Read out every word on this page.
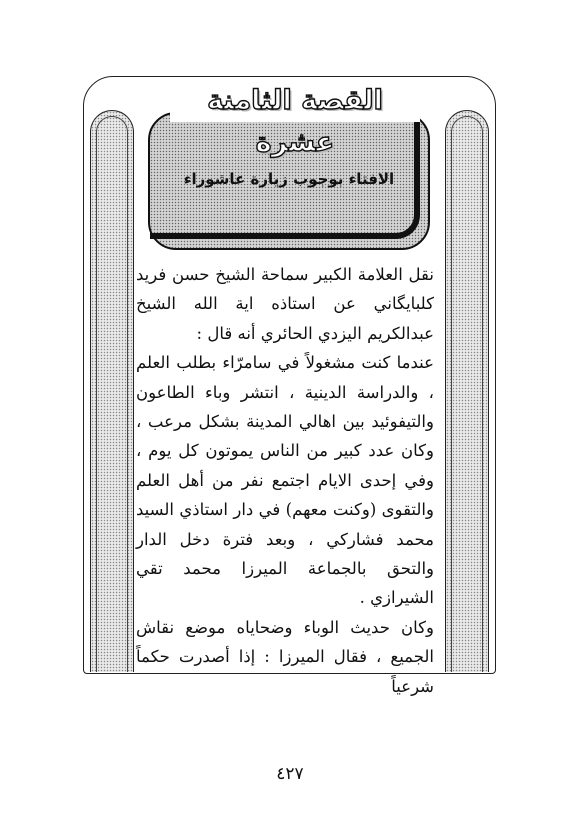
القصة الثامنة عشرة
الافتاء بوجوب زيارة عاشوراء

نقل العلامة الكبير سماحة الشيخ حسن فريد كلبايگاني عن استاذه اية الله الشيخ عبدالكريم اليزدي الحائري أنه قال :

عندما كنت مشغولاً في سامرّاء بطلب العلم ، والدراسة الدينية ، انتشر وباء الطاعون والتيفوئيد بين اهالي المدينة بشكل مرعب ، وكان عدد كبير من الناس يموتون كل يوم ، وفي إحدى الايام اجتمع نفر من أهل العلم والتقوى (وكنت معهم) في دار استاذي السيد محمد فشاركي ، وبعد فترة دخل الدار والتحق بالجماعة الميرزا محمد تقي الشيرازي .

وكان حديث الوباء وضحاياه موضع نقاش الجميع ، فقال الميرزا : إذا أصدرت حكماً شرعياً

٤٢٧
